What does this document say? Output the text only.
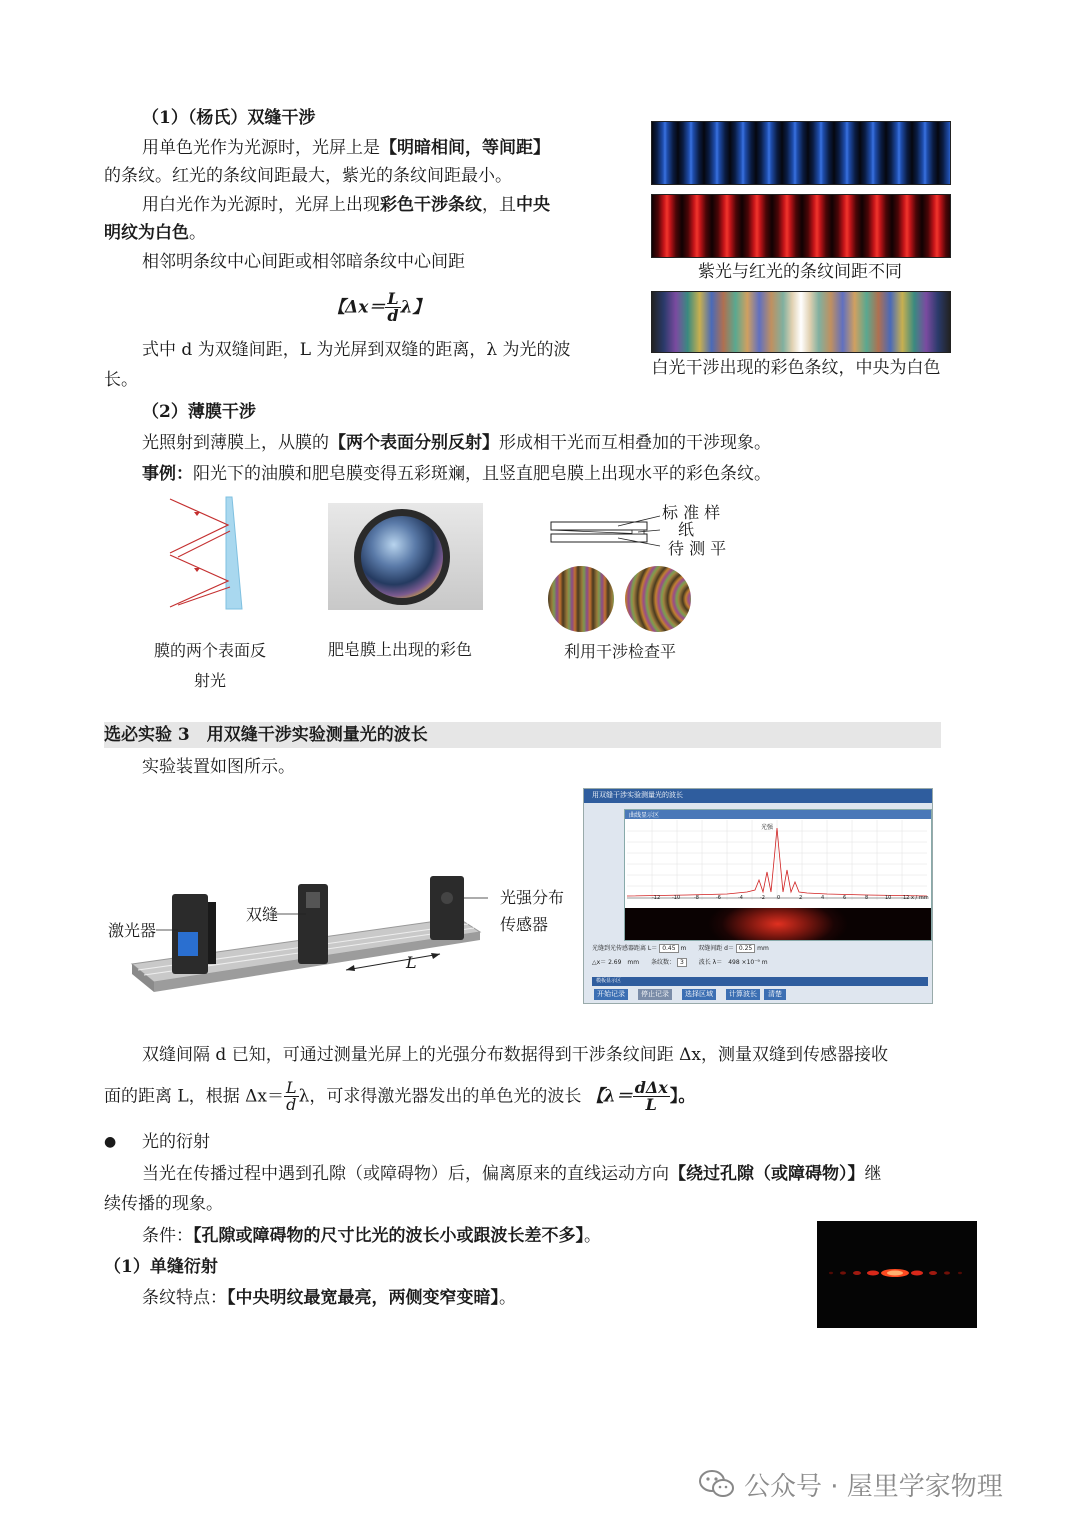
（1）（杨氏）双缝干涉
用单色光作为光源时，光屏上是【明暗相间，等间距】
的条纹。红光的条纹间距最大，紫光的条纹间距最小。
用白光作为光源时，光屏上出现彩色干涉条纹，且中央
明纹为白色。
相邻明条纹中心间距或相邻暗条纹中心间距
【$\Delta x= \frac{L}{d}$ λ】
式中 d 为双缝间距，L 为光屏到双缝的距离，λ 为光的波
长。
紫光与红光的条纹间距不同
白光干涉出现的彩色条纹，中央为白色
（2）薄膜干涉
光照射到薄膜上，从膜的【两个表面分别反射】形成相干光而互相叠加的干涉现象。
事例：阳光下的油膜和肥皂膜变得五彩斑斓，且竖直肥皂膜上出现水平的彩色条纹。
膜的两个表面反
射光
肥皂膜上出现的彩色
标 准 样
纸
待 测 平
利用干涉检查平
选必实验 3　用双缝干涉实验测量光的波长
实验装置如图所示。
激光器
双缝
光强分布
传感器
L
用双缝干涉实验测量光的波长
曲线显示区
光强
-12 -10	-8	-6	-4	-2 0	2	4	6	8	10 12 x / mm
光缝到光传感器距离 L＝ 0.45 m 双缝间距 d＝ 0.25 mm
△x＝ 2.69　mm 条纹数： 3 波长 λ＝　498 ×10⁻⁹ m
模板显示区
开始记录	停止记录	选择区域	计算波长	清楚
双缝间隔 d 已知，可通过测量光屏上的光强分布数据得到干涉条纹间距 Δx，测量双缝到传感器接收
面的距离 L，根据 $\Delta x= \frac{L}{d}$ λ，可求得激光器发出的单色光的波长 【$\lambda= \frac{\text{dΔx}}{L}$ 】。
● 光的衍射
当光在传播过程中遇到孔隙（或障碍物）后，偏离原来的直线运动方向【绕过孔隙（或障碍物）】继
续传播的现象。
条件：【孔隙或障碍物的尺寸比光的波长小或跟波长差不多】。
（1）单缝衍射
条纹特点：【中央明纹最宽最亮，两侧变窄变暗】。
公众号 · 屋里学家物理
